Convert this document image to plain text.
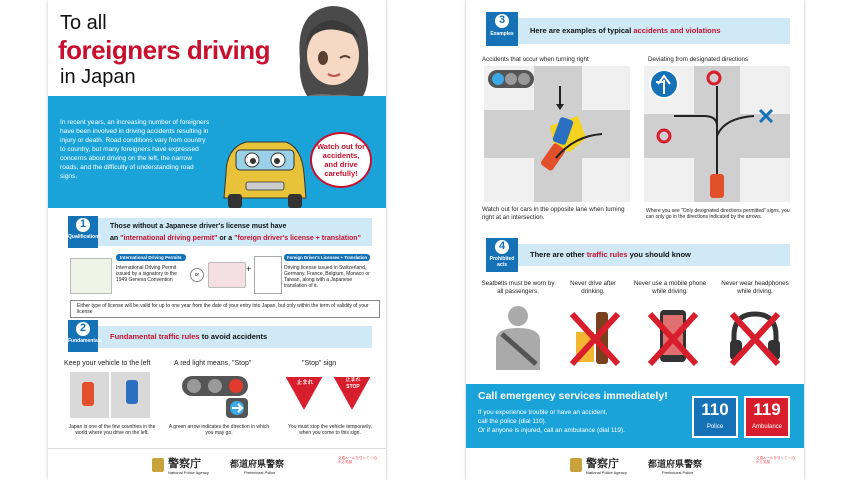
To all
foreigners driving
in Japan
In recent years, an increasing number of foreigners have been involved in driving accidents resulting in injury or death. Road conditions vary from country to country, but many foreigners have expressed concerns about driving on the left, the narrow roads, and the difficulty of understanding road signs.
Watch out for accidents, and drive carefully!
1
Qualifications
Those without a Japanese driver's license must have
an "international driving permit" or a "foreign driver's license + translation"
International Driving Permits
International Driving Permit issued by a signatory to the 1949 Geneva Convention
or
+
Foreign Driver's Licenses + Translation
Driving license issued in Switzerland, Germany, France, Belgium, Monaco or Taiwan, along with a Japanese translation of it.
Either type of license will be valid for up to one year from the date of your entry into Japan, but only within the term of validity of your license
2
Fundamentals Fundamental traffic rules to avoid accidents
Keep your vehicle to the left
Japan is one of the few countries in the world where you drive on the left.
A red light means, "Stop"
A green arrow indicates the direction in which you may go.
"Stop" sign
止まれ	止まれ
STOP
You must stop the vehicle temporarily, when you come to this sign.
警察庁
National Police Agency
都道府県警察
Prefectural Police
交通ルールを守って つながる笑顔
3
Examples	Here are examples of typical accidents and violations
Accidents that occur when turning right
Watch out for cars in the opposite lane when turning right at an intersection.
Deviating from designated directions
Where you see "Only designated directions permitted" signs, you can only go in the directions indicated by the arrows.
4
Prohibited acts
There are other traffic rules you should know
Seatbelts must be worn by all passengers.
Never drive after drinking.
Never use a mobile phone while driving.
Never wear headphones while driving.
Call emergency services immediately!
If you experience trouble or have an accident,
call the police (dial 110).
Or if anyone is injured, call an ambulance (dial 119).
110
Police
119
Ambulance
警察庁
National Police Agency
都道府県警察
Prefectural Police
交通ルールを守って つながる笑顔
